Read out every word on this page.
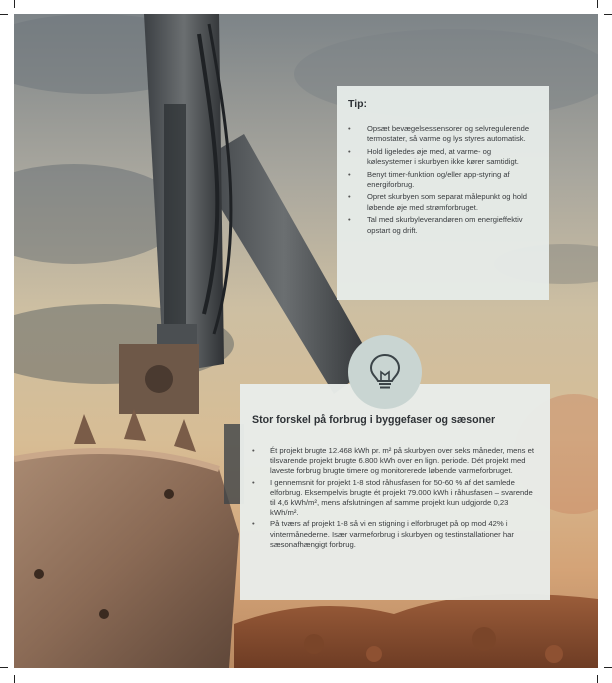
Tip:
• Opsæt bevægelsessensorer og selvregulerende termostater, så varme og lys styres automatisk.
• Hold ligeledes øje med, at varme- og kølesystemer i skurbyen ikke kører samtidigt.
• Benyt timer-funktion og/eller app-styring af energiforbrug.
• Opret skurbyen som separat målepunkt og hold løbende øje med strømforbruget.
• Tal med skurbyleverandøren om energieffektiv opstart og drift.
Stor forskel på forbrug i byggefaser og sæsoner
• Ét projekt brugte 12.468 kWh pr. m² på skurbyen over seks måneder, mens et tilsvarende projekt brugte 6.800 kWh over en lign. periode. Dét projekt med laveste forbrug brugte timere og monitorerede løbende varmeforbruget.
• I gennemsnit for projekt 1-8 stod råhusfasen for 50-60 % af det samlede elforbrug. Eksempelvis brugte ét projekt 79.000 kWh i råhusfasen – svarende til 4,6 kWh/m², mens afslutningen af samme projekt kun udgjorde 0,23 kWh/m².
• På tværs af projekt 1-8 så vi en stigning i elforbruget på op mod 42% i vintermånederne. Især varmeforbrug i skurbyen og testinstallationer har sæsonafhængigt forbrug.
